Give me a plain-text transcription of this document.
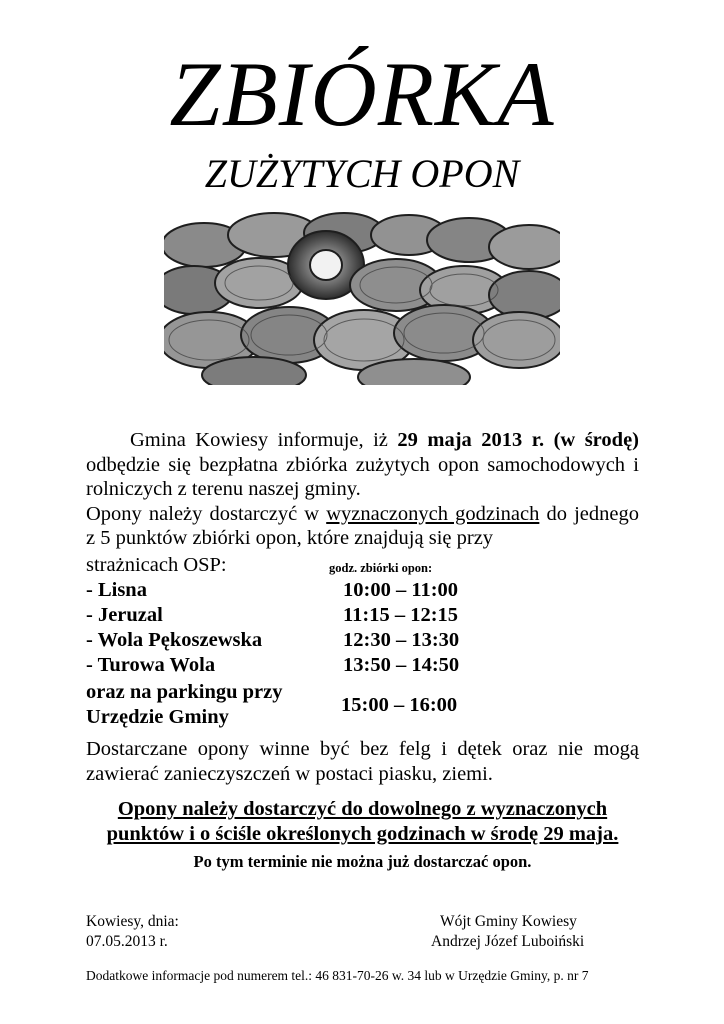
ZBIÓRKA
ZUŻYTYCH OPON
Gmina Kowiesy informuje, iż 29 maja 2013 r. (w środę) odbędzie się bezpłatna zbiórka zużytych opon samochodowych i rolniczych z terenu naszej gminy.
Opony należy dostarczyć w wyznaczonych godzinach do jednego z 5 punktów zbiórki opon, które znajdują się przy
strażnicach OSP:	godz. zbiórki opon:
- Lisna	10:00 – 11:00
- Jeruzal	11:15 – 12:15
- Wola Pękoszewska	12:30 – 13:30
- Turowa Wola	13:50 – 14:50
oraz na parkingu przy
Urzędzie Gminy
15:00 – 16:00
Dostarczane opony winne być bez felg i dętek oraz nie mogą zawierać zanieczyszczeń w postaci piasku, ziemi.
Opony należy dostarczyć do dowolnego z wyznaczonych
punktów i o ściśle określonych godzinach w środę 29 maja.
Po tym terminie nie można już dostarczać opon.
Kowiesy, dnia:
07.05.2013 r.
Wójt Gminy Kowiesy
Andrzej Józef Luboiński
Dodatkowe informacje pod numerem tel.: 46 831-70-26 w. 34 lub w Urzędzie Gminy, p. nr 7
